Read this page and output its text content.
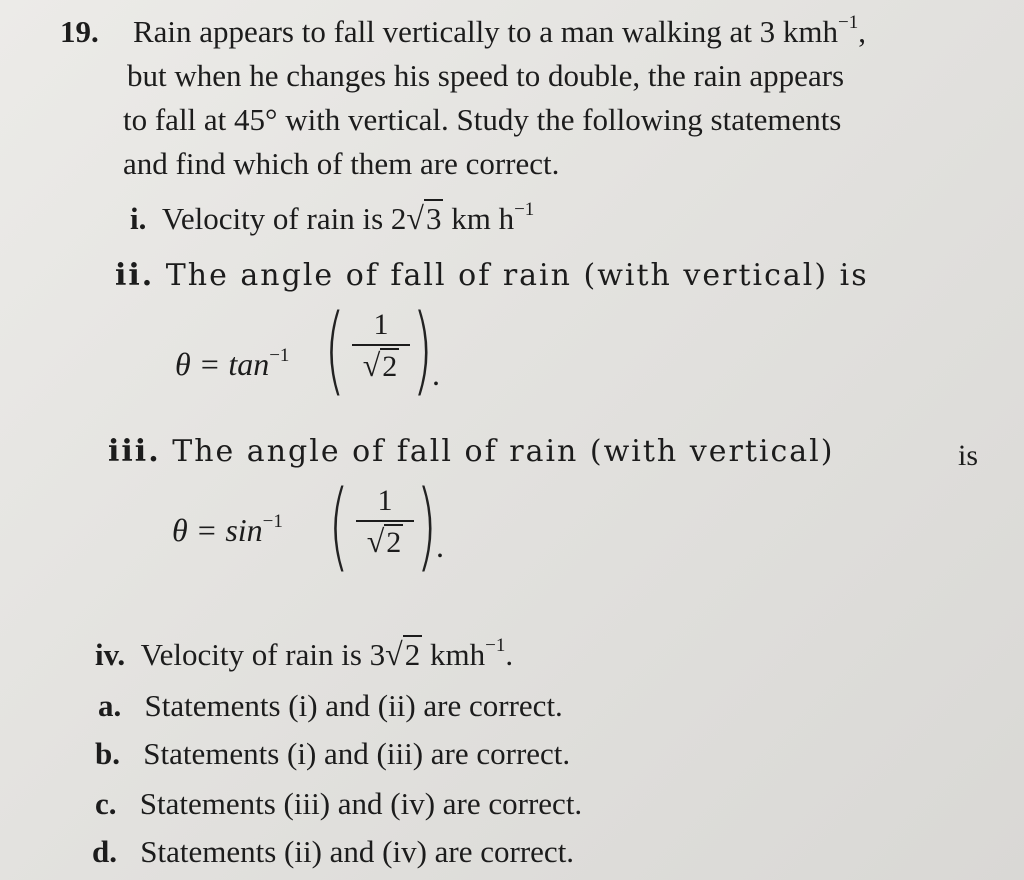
19. Rain appears to fall vertically to a man walking at 3 kmh$^{-1}$,
but when he changes his speed to double, the rain appears
to fall at 45° with vertical. Study the following statements
and find which of them are correct.
i. Velocity of rain is 2√3 km $h^{-1}$
ii. The angle of fall of rain (with vertical) is
$\theta = \tan^{-1}$ ( 1
√2 )
.
iii. The angle of fall of rain (with vertical)	is
$\theta = \sin^{-1}$ ( 1
√2 )
.
iv. Velocity of rain is 3√2 kmh$^{-1}$.
a. Statements (i) and (ii) are correct.
b. Statements (i) and (iii) are correct.
c. Statements (iii) and (iv) are correct.
d. Statements (ii) and (iv) are correct.
